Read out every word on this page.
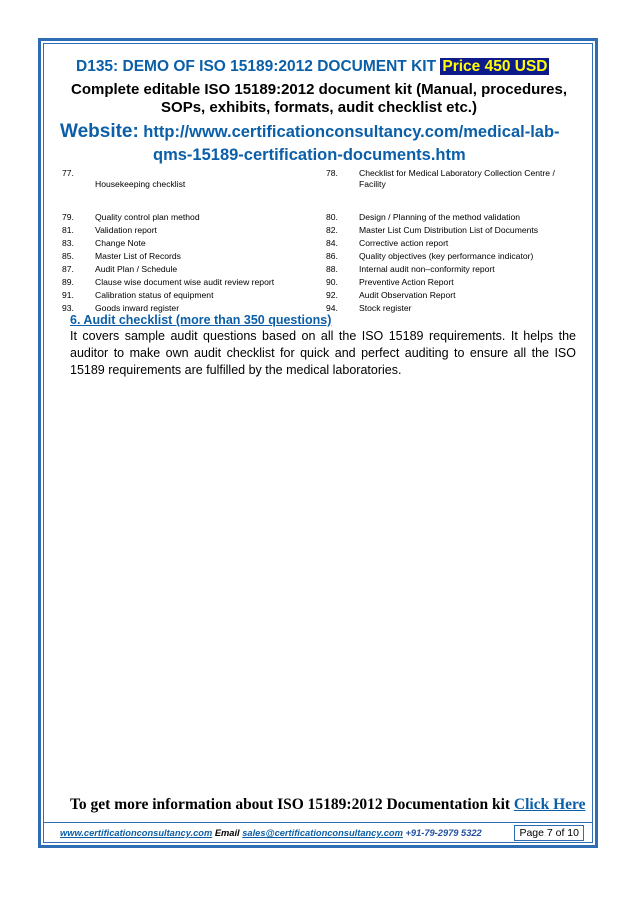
D135: DEMO OF ISO 15189:2012 DOCUMENT KIT Price 450 USD
Complete editable ISO 15189:2012 document kit (Manual, procedures, SOPs, exhibits, formats, audit checklist etc.)
Website: http://www.certificationconsultancy.com/medical-lab-
qms-15189-certification-documents.htm
77.	Housekeeping checklist	78.	Checklist for Medical Laboratory Collection Centre / Facility
79.	Quality control plan method	80.	Design / Planning of the method validation
81.	Validation report	82.	Master List Cum Distribution List of Documents
83.	Change Note	84.	Corrective action report
85.	Master List of Records	86.	Quality objectives (key performance indicator)
87.	Audit Plan / Schedule	88.	Internal audit non–conformity report
89.	Clause wise document wise audit review report	90.	Preventive Action Report
91.	Calibration status of equipment	92.	Audit Observation Report
93.	Goods inward register	94.	Stock register
6. Audit checklist (more than 350 questions)
It covers sample audit questions based on all the ISO 15189 requirements. It helps the auditor to make own audit checklist for quick and perfect auditing to ensure all the ISO 15189 requirements are fulfilled by the medical laboratories.
To get more information about ISO 15189:2012 Documentation kit Click Here
www.certificationconsultancy.com Email sales@certificationconsultancy.com +91-79-2979 5322	Page 7 of 10
